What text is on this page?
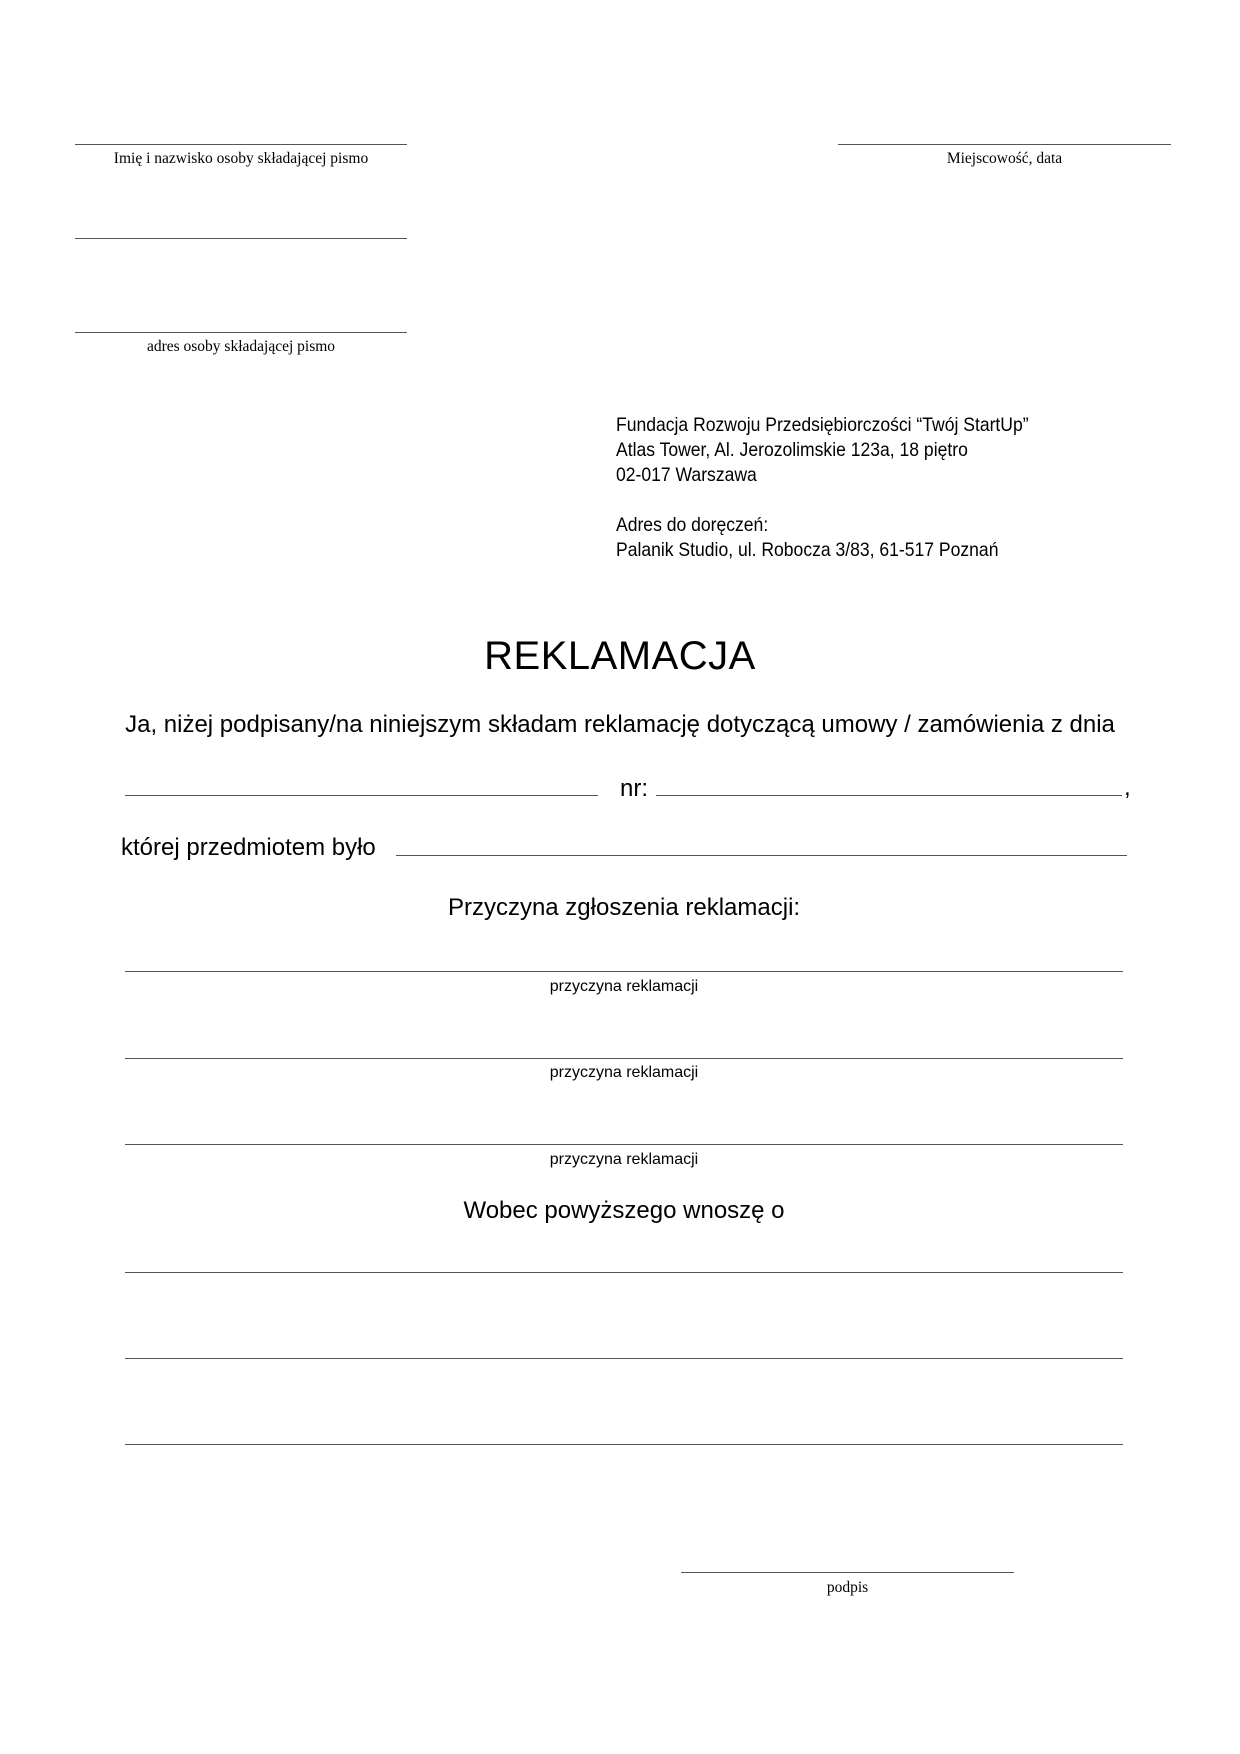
Imię i nazwisko osoby składającej pismo
adres osoby składającej pismo
Miejscowość, data
Fundacja Rozwoju Przedsiębiorczości “Twój StartUp”
Atlas Tower, Al. Jerozolimskie 123a, 18 piętro
02-017 Warszawa
Adres do doręczeń:
Palanik Studio, ul. Robocza 3/83, 61-517 Poznań
REKLAMACJA
Ja, niżej podpisany/na niniejszym składam reklamację dotyczącą umowy / zamówienia z dnia
nr:	,
której przedmiotem było
Przyczyna zgłoszenia reklamacji:
przyczyna reklamacji
przyczyna reklamacji
przyczyna reklamacji
Wobec powyższego wnoszę o
podpis
